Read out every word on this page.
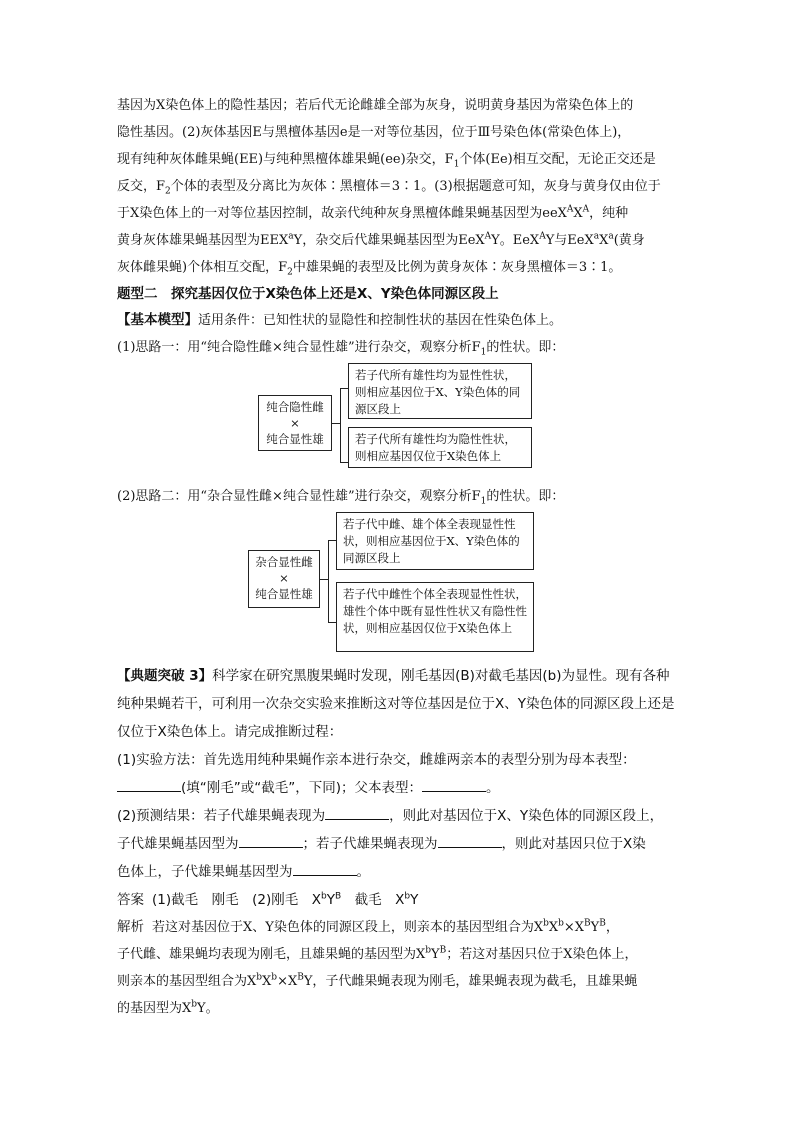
基因为X染色体上的隐性基因；若后代无论雌雄全部为灰身，说明黄身基因为常染色体上的
隐性基因。(2)灰体基因E与黑檀体基因e是一对等位基因，位于Ⅲ号染色体(常染色体上)，
现有纯种灰体雌果蝇(EE)与纯种黑檀体雄果蝇(ee)杂交，$F_1$个体(Ee)相互交配，无论正交还是
反交，$F_2$个体的表型及分离比为灰体∶黑檀体＝3∶1。(3)根据题意可知，灰身与黄身仅由位于
于X染色体上的一对等位基因控制，故亲代纯种灰身黑檀体雌果蝇基因型为$eeX^AX^A$，纯种
黄身灰体雄果蝇基因型为EEX$^a$Y，杂交后代雄果蝇基因型为EeX$^A$Y。EeX$^A$Y与$EeX^aX^a$(黄身
灰体雌果蝇)个体相互交配，$F_2$中雄果蝇的表型及比例为黄身灰体∶灰身黑檀体＝3∶1。

题型二　探究基因仅位于X染色体上还是X、Y染色体同源区段上

【基本模型】适用条件：已知性状的显隐性和控制性状的基因在性染色体上。
(1)思路一：用“纯合隐性雌×纯合显性雄”进行杂交，观察分析$F_1$的性状。即：

纯合隐性雌
×
纯合显性雄
若子代所有雄性均为显性性状，则相应基因位于X、Y染色体的同源区段上
若子代所有雄性均为隐性性状，则相应基因仅位于X染色体上

(2)思路二：用“杂合显性雌×纯合显性雄”进行杂交，观察分析$F_1$的性状。即：

杂合显性雌
×
纯合显性雄
若子代中雌、雄个体全表现显性性状，则相应基因位于X、Y染色体的同源区段上
若子代中雌性个体全表现显性性状，雄性个体中既有显性性状又有隐性性状，则相应基因仅位于X染色体上

【典题突破 3】科学家在研究黑腹果蝇时发现，刚毛基因(B)对截毛基因(b)为显性。现有各种纯种果蝇若干，可利用一次杂交实验来推断这对等位基因是位于X、Y染色体的同源区段上还是仅位于X染色体上。请完成推断过程：

(1)实验方法：首先选用纯种果蝇作亲本进行杂交，雌雄两亲本的表型分别为母本表型：
(填“刚毛”或“截毛”，下同)；父本表型：	。

(2)预测结果：若子代雄果蝇表现为	，则此对基因位于X、Y染色体的同源区段上，
子代雄果蝇基因型为	；若子代雄果蝇表现为	，则此对基因只位于X染
色体上，子代雄果蝇基因型为	。

答案 (1)截毛　刚毛　(2)刚毛　$X^bY^B$　截毛　$X^bY$

解析 若这对基因位于X、Y染色体的同源区段上，则亲本的基因型组合为$X^bX^b\times X^BY^B$，
子代雌、雄果蝇均表现为刚毛，且雄果蝇的基因型为$X^bY^B$；若这对基因只位于X染色体上，
则亲本的基因型组合为$X^bX^b\times X^BY$，子代雌果蝇表现为刚毛，雄果蝇表现为截毛，且雄果蝇
的基因型为$X^bY$。
